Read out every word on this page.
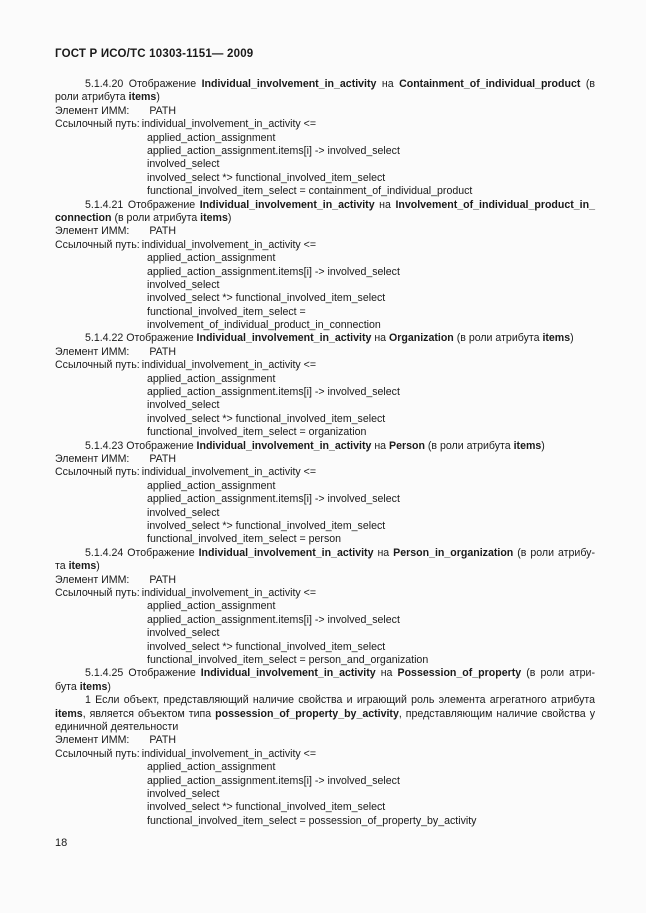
ГОСТ Р ИСО/ТС 10303-1151— 2009
5.1.4.20 Отображение Individual_involvement_in_activity на Containment_of_individual_product (в роли атрибута items)
Элемент ИММ: PATH
Ссылочный путь: individual_involvement_in_activity <=
applied_action_assignment
applied_action_assignment.items[i] -> involved_select
involved_select
involved_select *> functional_involved_item_select
functional_involved_item_select = containment_of_individual_product
5.1.4.21 Отображение Individual_involvement_in_activity на Involvement_of_individual_product_in_ connection (в роли атрибута items)
Элемент ИММ: PATH
Ссылочный путь: individual_involvement_in_activity <=
applied_action_assignment
applied_action_assignment.items[i] -> involved_select
involved_select
involved_select *> functional_involved_item_select
functional_involved_item_select =
involvement_of_individual_product_in_connection
5.1.4.22 Отображение Individual_involvement_in_activity на Organization (в роли атрибута items)
Элемент ИММ: PATH
Ссылочный путь: individual_involvement_in_activity <=
applied_action_assignment
applied_action_assignment.items[i] -> involved_select
involved_select
involved_select *> functional_involved_item_select
functional_involved_item_select = organization
5.1.4.23 Отображение Individual_involvement_in_activity на Person (в роли атрибута items)
Элемент ИММ: PATH
Ссылочный путь: individual_involvement_in_activity <=
applied_action_assignment
applied_action_assignment.items[i] -> involved_select
involved_select
involved_select *> functional_involved_item_select
functional_involved_item_select = person
5.1.4.24 Отображение Individual_involvement_in_activity на Person_in_organization (в роли атрибу-та items)
Элемент ИММ: PATH
Ссылочный путь: individual_involvement_in_activity <=
applied_action_assignment
applied_action_assignment.items[i] -> involved_select
involved_select
involved_select *> functional_involved_item_select
functional_involved_item_select = person_and_organization
5.1.4.25 Отображение Individual_involvement_in_activity на Possession_of_property (в роли атри-бута items)
1 Если объект, представляющий наличие свойства и играющий роль элемента агрегатного атрибута items, является объектом типа possession_of_property_by_activity, представляющим наличие свойства у единичной деятельности
Элемент ИММ: PATH
Ссылочный путь: individual_involvement_in_activity <=
applied_action_assignment
applied_action_assignment.items[i] -> involved_select
involved_select
involved_select *> functional_involved_item_select
functional_involved_item_select = possession_of_property_by_activity
18
